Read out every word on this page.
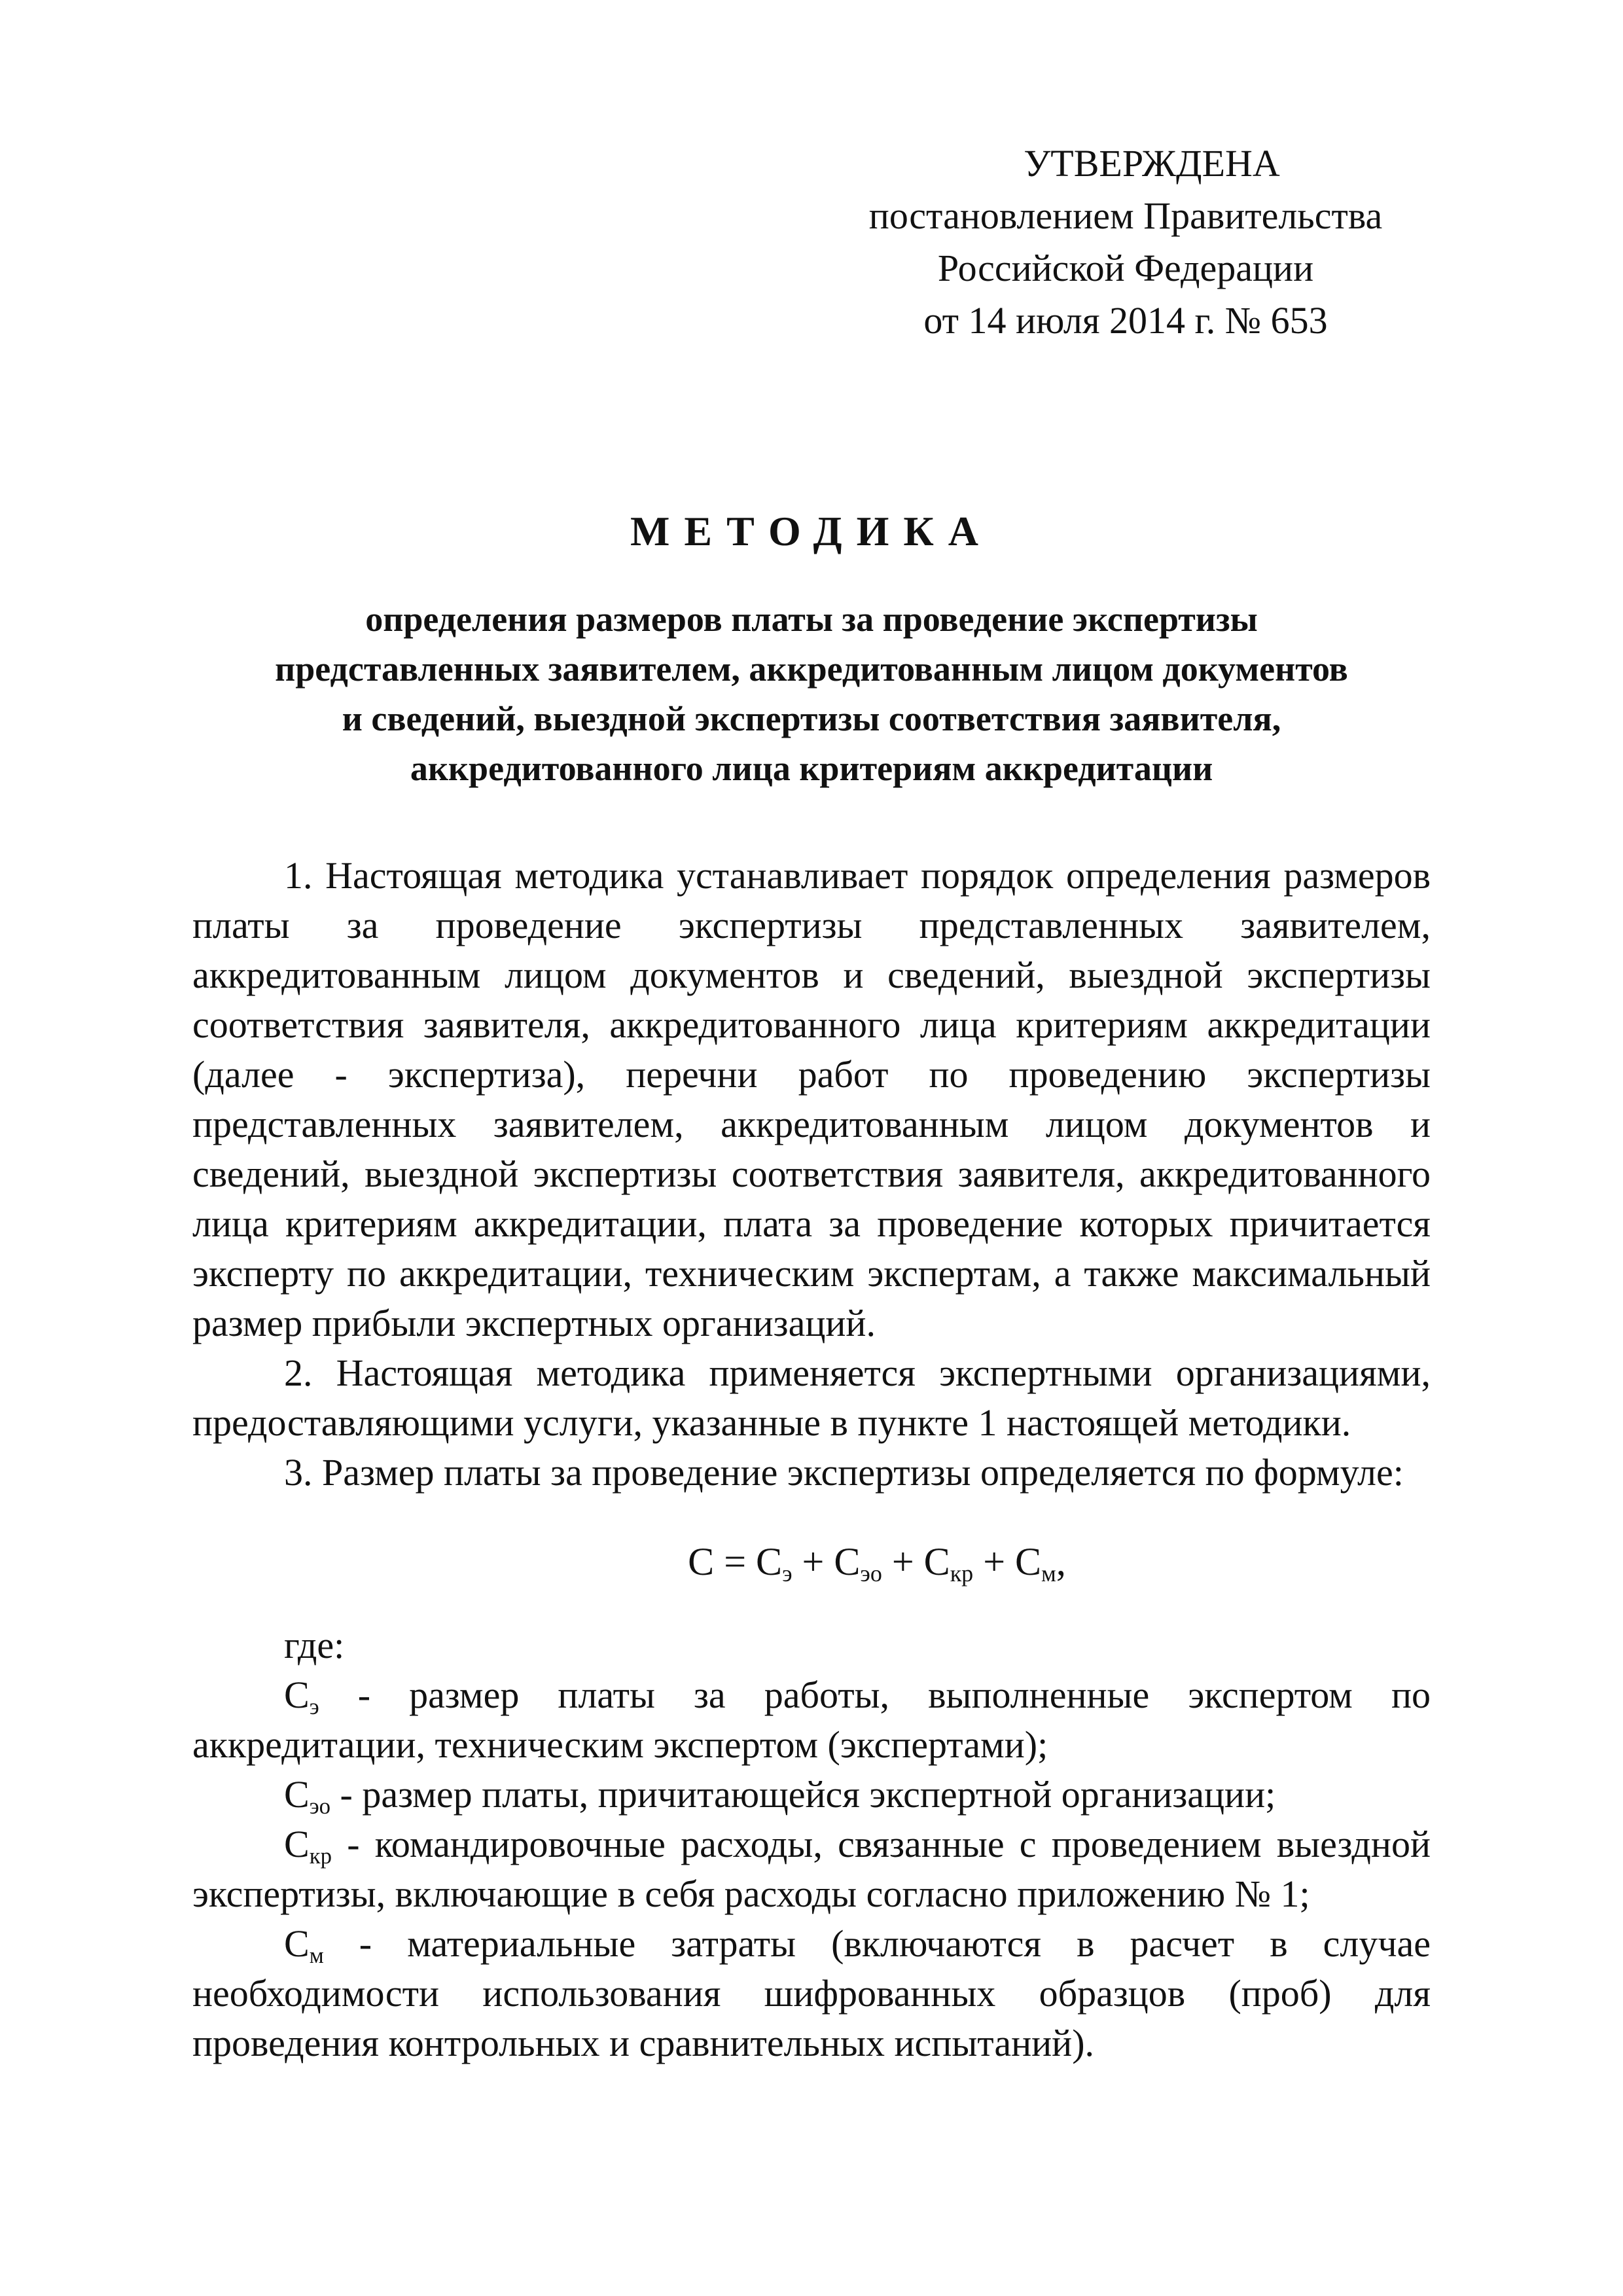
УТВЕРЖДЕНА
постановлением Правительства
Российской Федерации
от 14 июля 2014 г. № 653
МЕТОДИКА
определения размеров платы за проведение экспертизы
представленных заявителем, аккредитованным лицом документов
и сведений, выездной экспертизы соответствия заявителя,
аккредитованного лица критериям аккредитации

1. Настоящая методика устанавливает порядок определения размеров платы за проведение экспертизы представленных заявителем, аккредитованным лицом документов и сведений, выездной экспертизы соответствия заявителя, аккредитованного лица критериям аккредитации (далее - экспертиза), перечни работ по проведению экспертизы представленных заявителем, аккредитованным лицом документов и сведений, выездной экспертизы соответствия заявителя, аккредитованного лица критериям аккредитации, плата за проведение которых причитается эксперту по аккредитации, техническим экспертам, а также максимальный размер прибыли экспертных организаций.

2. Настоящая методика применяется экспертными организациями, предоставляющими услуги, указанные в пункте 1 настоящей методики.

3. Размер платы за проведение экспертизы определяется по формуле:

$С = С_э + С_{эо} + С_{кр} + С_м$,

где:

$С_э$ - размер платы за работы, выполненные экспертом по аккредитации, техническим экспертом (экспертами);

$С_{эо}$ - размер платы, причитающейся экспертной организации;

$С_{кр}$ - командировочные расходы, связанные с проведением выездной экспертизы, включающие в себя расходы согласно приложению № 1;

$С_м$ - материальные затраты (включаются в расчет в случае необходимости использования шифрованных образцов (проб) для проведения контрольных и сравнительных испытаний).
